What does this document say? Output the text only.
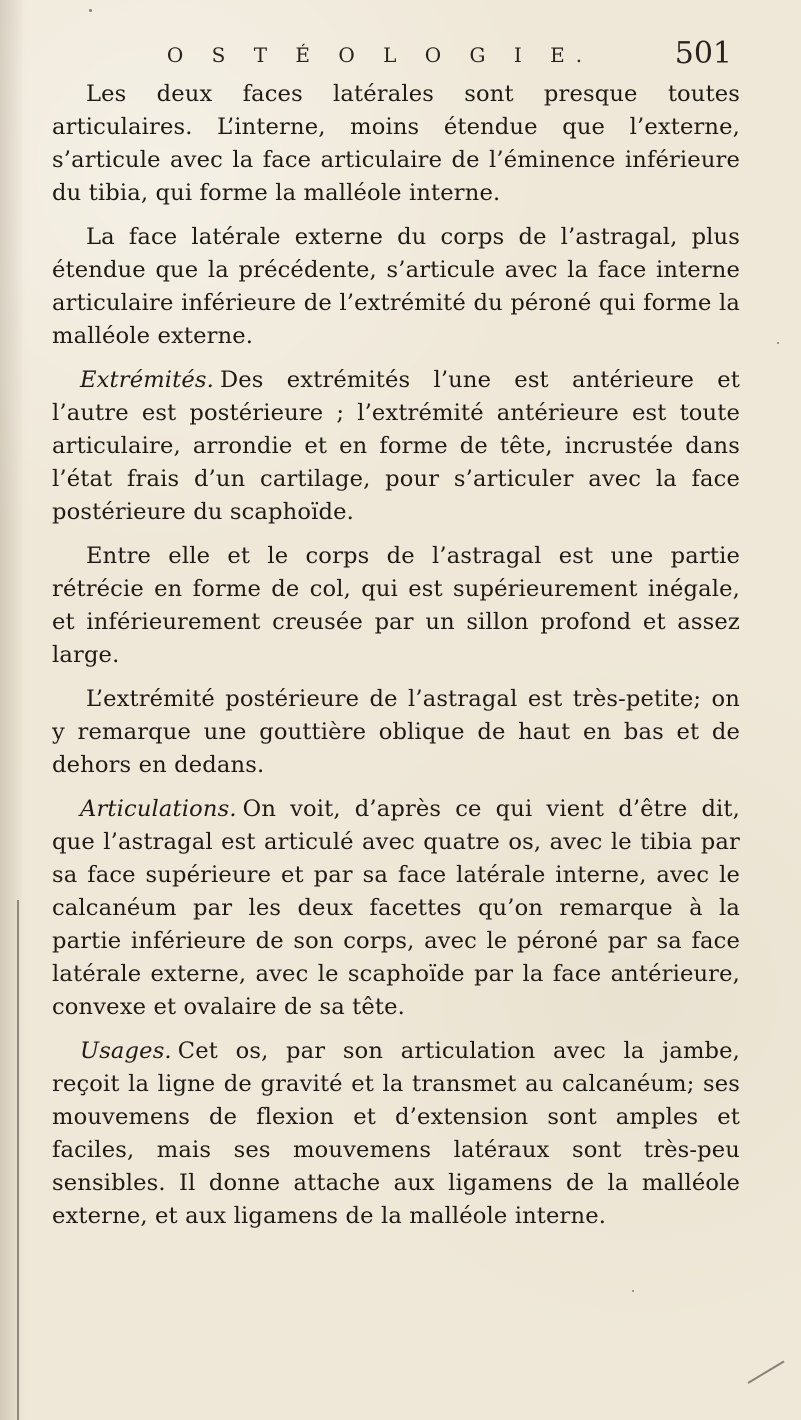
O S T É O L O G I E.	501

Les deux faces latérales sont presque toutes articulaires. L’interne, moins étendue que l’externe, s’articule avec la face articulaire de l’éminence inférieure du tibia, qui forme la malléole interne.

La face latérale externe du corps de l’astragal, plus étendue que la précédente, s’articule avec la face interne articulaire inférieure de l’extrémité du péroné qui forme la malléole externe.

Extrémités. Des extrémités l’une est antérieure et l’autre est postérieure ; l’extrémité antérieure est toute articulaire, arrondie et en forme de tête, incrustée dans l’état frais d’un cartilage, pour s’articuler avec la face postérieure du scaphoïde.

Entre elle et le corps de l’astragal est une partie rétrécie en forme de col, qui est supérieurement inégale, et inférieurement creusée par un sillon profond et assez large.

L’extrémité postérieure de l’astragal est très-petite; on y remarque une gouttière oblique de haut en bas et de dehors en dedans.

Articulations. On voit, d’après ce qui vient d’être dit, que l’astragal est articulé avec quatre os, avec le tibia par sa face supérieure et par sa face latérale interne, avec le calcanéum par les deux facettes qu’on remarque à la partie inférieure de son corps, avec le péroné par sa face latérale externe, avec le scaphoïde par la face antérieure, convexe et ovalaire de sa tête.

Usages. Cet os, par son articulation avec la jambe, reçoit la ligne de gravité et la transmet au calcanéum; ses mouvemens de flexion et d’extension sont amples et faciles, mais ses mouvemens latéraux sont très-peu sensibles. Il donne attache aux ligamens de la malléole externe, et aux ligamens de la malléole interne.
